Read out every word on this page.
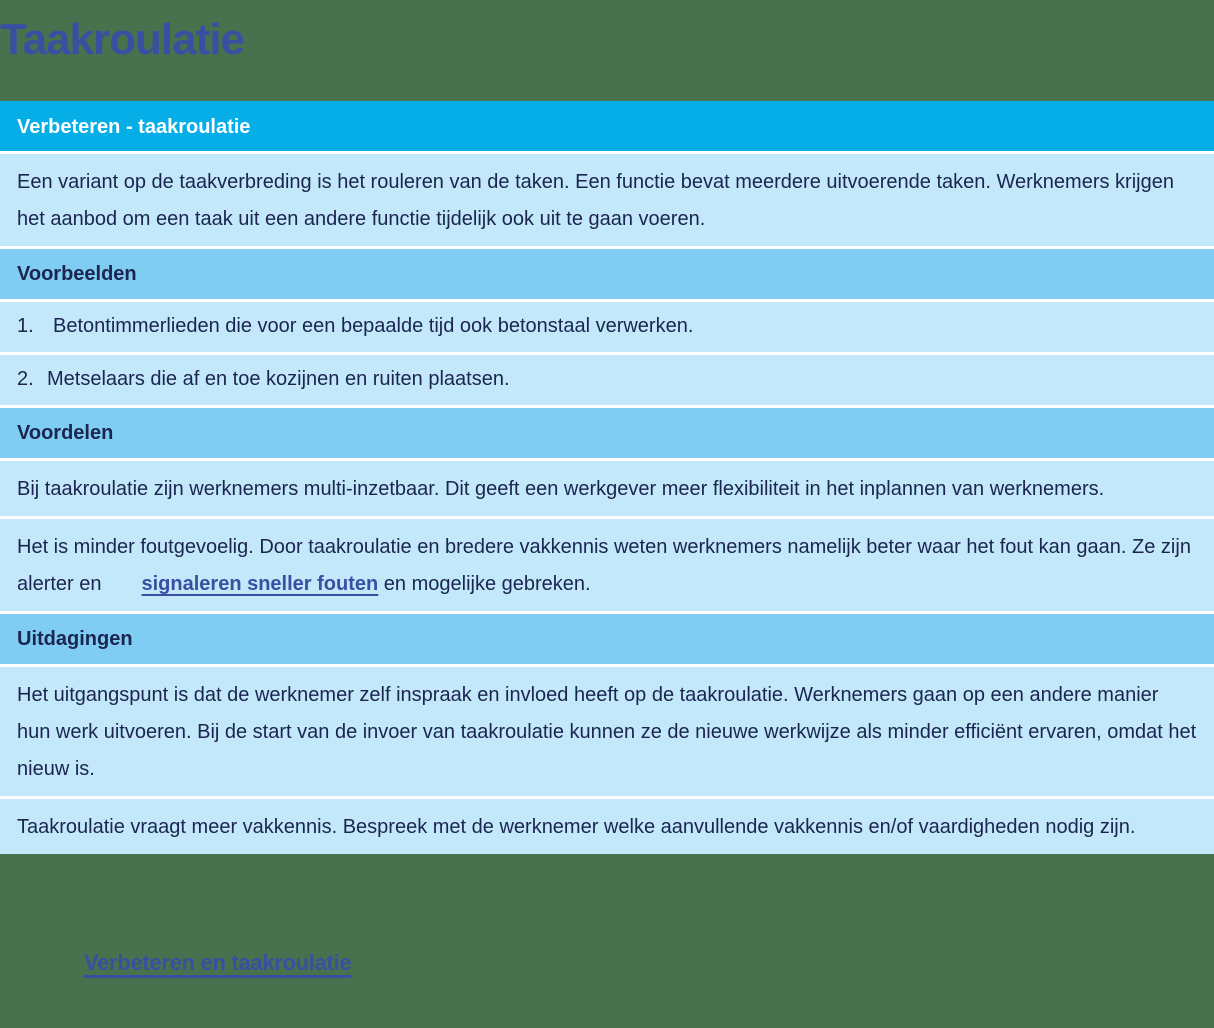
Taakroulatie
Verbeteren - taakroulatie
Een variant op de taakverbreding is het rouleren van de taken. Een functie bevat meerdere uitvoerende taken. Werknemers krijgen het aanbod om een taak uit een andere functie tijdelijk ook uit te gaan voeren.
Voorbeelden
1. Betontimmerlieden die voor een bepaalde tijd ook betonstaal verwerken.
2. Metselaars die af en toe kozijnen en ruiten plaatsen.
Voordelen
Bij taakroulatie zijn werknemers multi-inzetbaar. Dit geeft een werkgever meer flexibiliteit in het inplannen van werknemers.
Het is minder foutgevoelig. Door taakroulatie en bredere vakkennis weten werknemers namelijk beter waar het fout kan gaan. Ze zijn alerter en signaleren sneller fouten en mogelijke gebreken.
Uitdagingen
Het uitgangspunt is dat de werknemer zelf inspraak en invloed heeft op de taakroulatie. Werknemers gaan op een andere manier hun werk uitvoeren. Bij de start van de invoer van taakroulatie kunnen ze de nieuwe werkwijze als minder efficiënt ervaren, omdat het nieuw is.
Taakroulatie vraagt meer vakkennis. Bespreek met de werknemer welke aanvullende vakkennis en/of vaardigheden nodig zijn.
Verbeteren en taakroulatie
